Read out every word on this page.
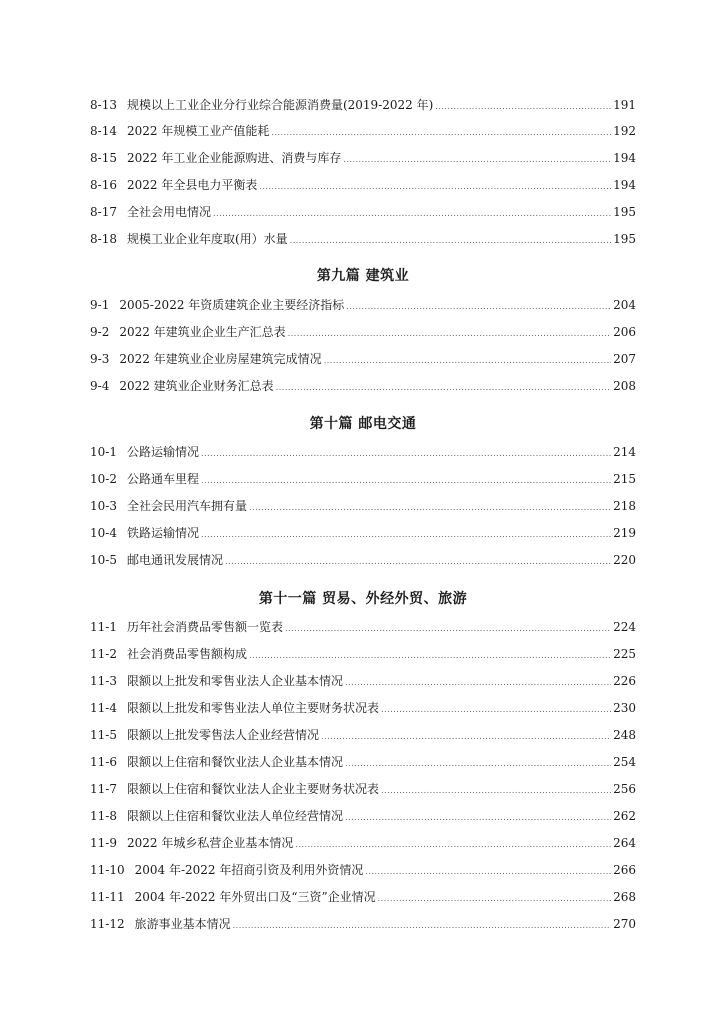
8-13 规模以上工业企业分行业综合能源消费量(2019-2022 年) .....	191
8-14 2022 年规模工业产值能耗 .....	192
8-15 2022 年工业企业能源购进、消费与库存 .....	194
8-16 2022 年全县电力平衡表 .....	194
8-17 全社会用电情况 .....	195
8-18 规模工业企业年度取(用）水量 .....	195
第九篇 建筑业
9-1 2005-2022 年资质建筑企业主要经济指标 .....	204
9-2 2022 年建筑业企业生产汇总表 .....	206
9-3 2022 年建筑业企业房屋建筑完成情况 .....	207
9-4 2022 建筑业企业财务汇总表 .....	208
第十篇 邮电交通
10-1 公路运输情况 .....	214
10-2 公路通车里程 .....	215
10-3 全社会民用汽车拥有量 .....	218
10-4 铁路运输情况 .....	219
10-5 邮电通讯发展情况 .....	220
第十一篇 贸易、外经外贸、旅游
11-1 历年社会消费品零售额一览表 .....	224
11-2 社会消费品零售额构成 .....	225
11-3 限额以上批发和零售业法人企业基本情况 .....	226
11-4 限额以上批发和零售业法人单位主要财务状况表 .....	230
11-5 限额以上批发零售法人企业经营情况 .....	248
11-6 限额以上住宿和餐饮业法人企业基本情况 .....	254
11-7 限额以上住宿和餐饮业法人企业主要财务状况表 .....	256
11-8 限额以上住宿和餐饮业法人单位经营情况 .....	262
11-9 2022 年城乡私营企业基本情况 .....	264
11-10 2004 年-2022 年招商引资及利用外资情况 .....	266
11-11 2004 年-2022 年外贸出口及“三资”企业情况 .....	268
11-12 旅游事业基本情况 .....	270
